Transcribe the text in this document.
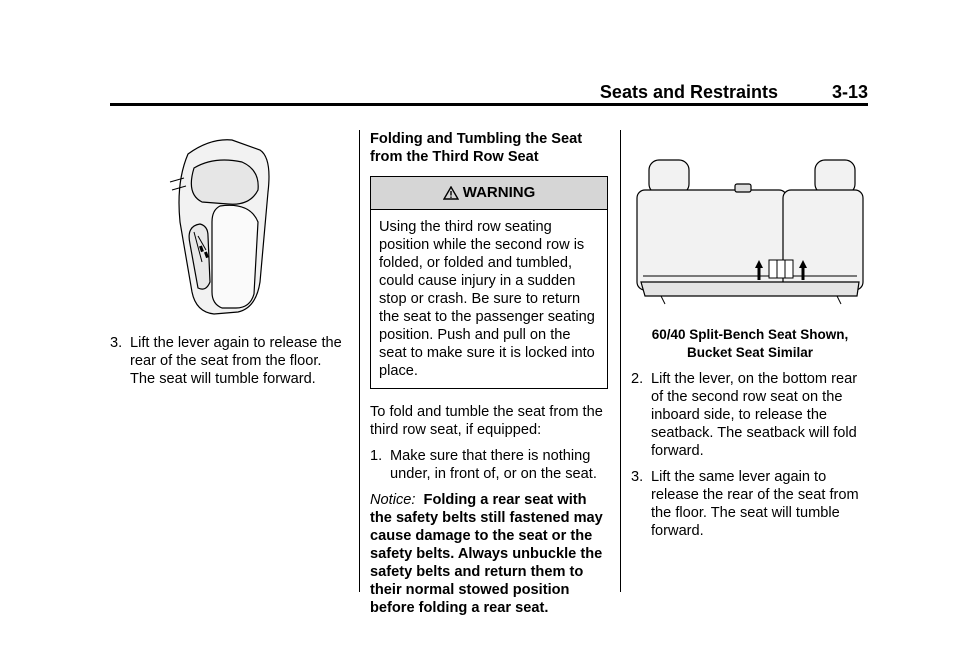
Seats and Restraints	3-13
3. Lift the lever again to release the rear of the seat from the floor. The seat will tumble forward.
Folding and Tumbling the Seat from the Third Row Seat
WARNING
Using the third row seating position while the second row is folded, or folded and tumbled, could cause injury in a sudden stop or crash. Be sure to return the seat to the passenger seating position. Push and pull on the seat to make sure it is locked into place.

To fold and tumble the seat from the third row seat, if equipped:

1. Make sure that there is nothing under, in front of, or on the seat.

Notice: Folding a rear seat with the safety belts still fastened may cause damage to the seat or the safety belts. Always unbuckle the safety belts and return them to their normal stowed position before folding a rear seat.

60/40 Split-Bench Seat Shown,
Bucket Seat Similar
2. Lift the lever, on the bottom rear of the second row seat on the inboard side, to release the seatback. The seatback will fold forward.
3. Lift the same lever again to release the rear of the seat from the floor. The seat will tumble forward.
